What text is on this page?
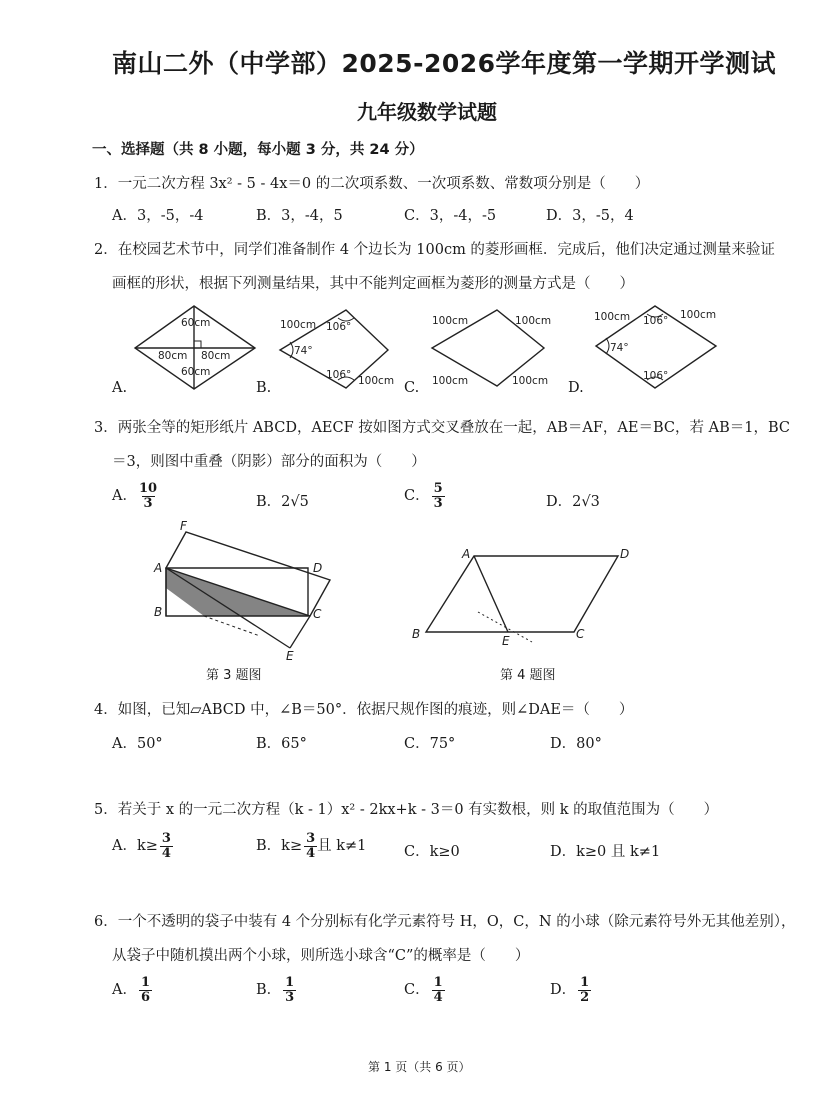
南山二外（中学部）2025-2026学年度第一学期开学测试
九年级数学试题
一、选择题（共 8 小题，每小题 3 分，共 24 分）
1．一元二次方程 3x² - 5 - 4x＝0 的二次项系数、一次项系数、常数项分别是（　　）
A．3，-5，-4	B．3，-4，5	C．3，-4，-5	D．3，-5，4
2．在校园艺术节中，同学们准备制作 4 个边长为 100cm 的菱形画框．完成后，他们决定通过测量来验证
画框的形状，根据下列测量结果，其中不能判定画框为菱形的测量方式是（　　）
60cm
60cm
80cm 80cm
100cm
100cm
106°
74°
106°
100cm	100cm
100cm	100cm
100cm	100cm
106°
74°
106°
A.	B.	C.	D.
3．两张全等的矩形纸片 ABCD，AECF 按如图方式交叉叠放在一起，AB＝AF，AE＝BC，若 AB＝1，BC
＝3，则图中重叠（阴影）部分的面积为（　　）
A． $\frac{10}{3}$	B．2√5	C． $\frac{5}{3}$	D．2√3
F
A
B
D
C
E
A	D
B	E	C
第 3 题图	第 4 题图
4．如图，已知▱ABCD 中，∠B＝50°．依据尺规作图的痕迹，则∠DAE＝（　　）
A．50°	B．65°	C．75°	D．80°
5．若关于 x 的一元二次方程（k - 1）x² - 2kx+k - 3＝0 有实数根，则 k 的取值范围为（　　）
A．$k\ge \frac{3}{4}$	B．$k\ge \frac{3}{4}$ 且 k≠1	C．k≥0	D．k≥0 且 k≠1
6．一个不透明的袋子中装有 4 个分别标有化学元素符号 H，O，C，N 的小球（除元素符号外无其他差别），
从袋子中随机摸出两个小球，则所选小球含“C”的概率是（　　）
A． $\frac{1}{6}$	B． $\frac{1}{3}$	C． $\frac{1}{4}$	D． $\frac{1}{2}$
第 1 页（共 6 页）
